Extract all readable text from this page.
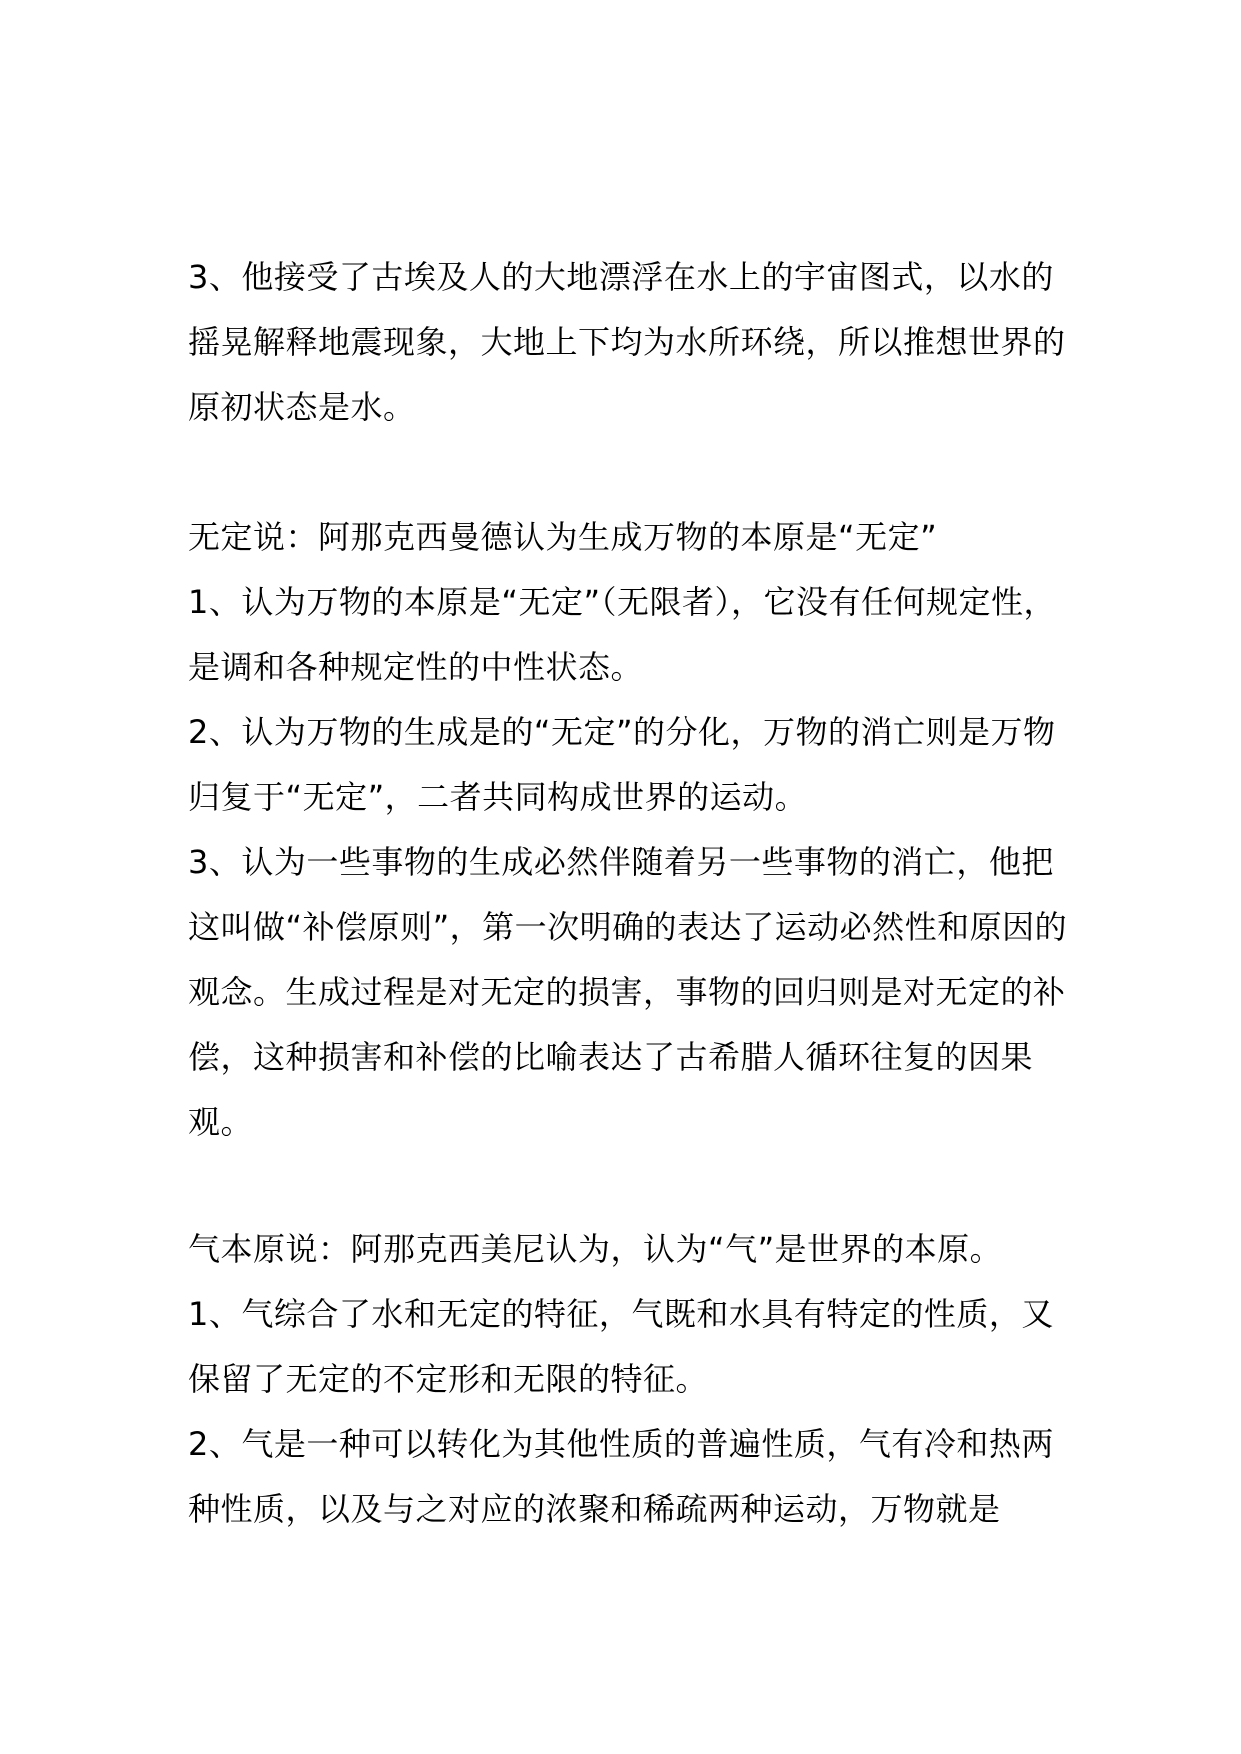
3、他接受了古埃及人的大地漂浮在水上的宇宙图式，以水的摇晃解释地震现象，大地上下均为水所环绕，所以推想世界的原初状态是水。

无定说：阿那克西曼德认为生成万物的本原是“无定”

1、认为万物的本原是“无定”（无限者），它没有任何规定性，是调和各种规定性的中性状态。

2、认为万物的生成是的“无定”的分化，万物的消亡则是万物归复于“无定”，二者共同构成世界的运动。

3、认为一些事物的生成必然伴随着另一些事物的消亡，他把这叫做“补偿原则”，第一次明确的表达了运动必然性和原因的观念。生成过程是对无定的损害，事物的回归则是对无定的补偿，这种损害和补偿的比喻表达了古希腊人循环往复的因果观。

气本原说：阿那克西美尼认为，认为“气”是世界的本原。

1、气综合了水和无定的特征，气既和水具有特定的性质，又保留了无定的不定形和无限的特征。

2、气是一种可以转化为其他性质的普遍性质，气有冷和热两种性质，以及与之对应的浓聚和稀疏两种运动，万物就是
